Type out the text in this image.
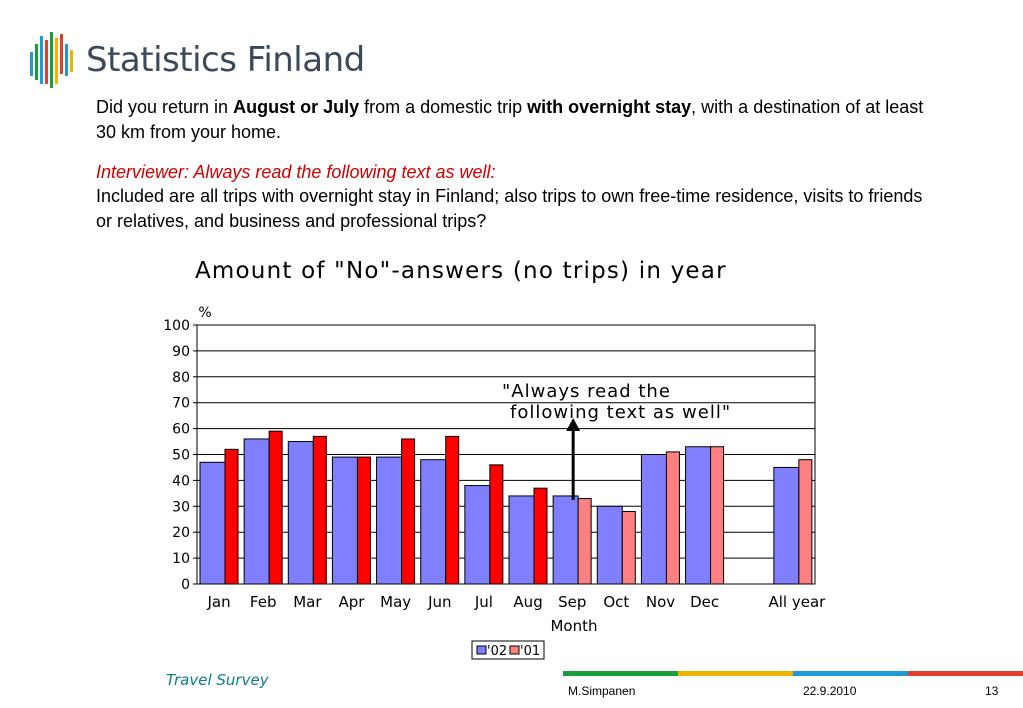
Statistics Finland
Did you return in August or July from a domestic trip with overnight stay, with a destination of at least 30 km from your home.
Interviewer: Always read the following text as well:
Included are all trips with overnight stay in Finland; also trips to own free-time residence, visits to friends or relatives, and business and professional trips?
Amount of "No"-answers (no trips) in year
0
10
20
30
40
50
60
70
80
90
100
%
Jan Feb Mar Apr May Jun Jul Aug Sep Oct Nov Dec	All year
Month
"Always read the
following text as well"
'02 '01
Travel Survey
M.Simpanen	22.9.2010	13
